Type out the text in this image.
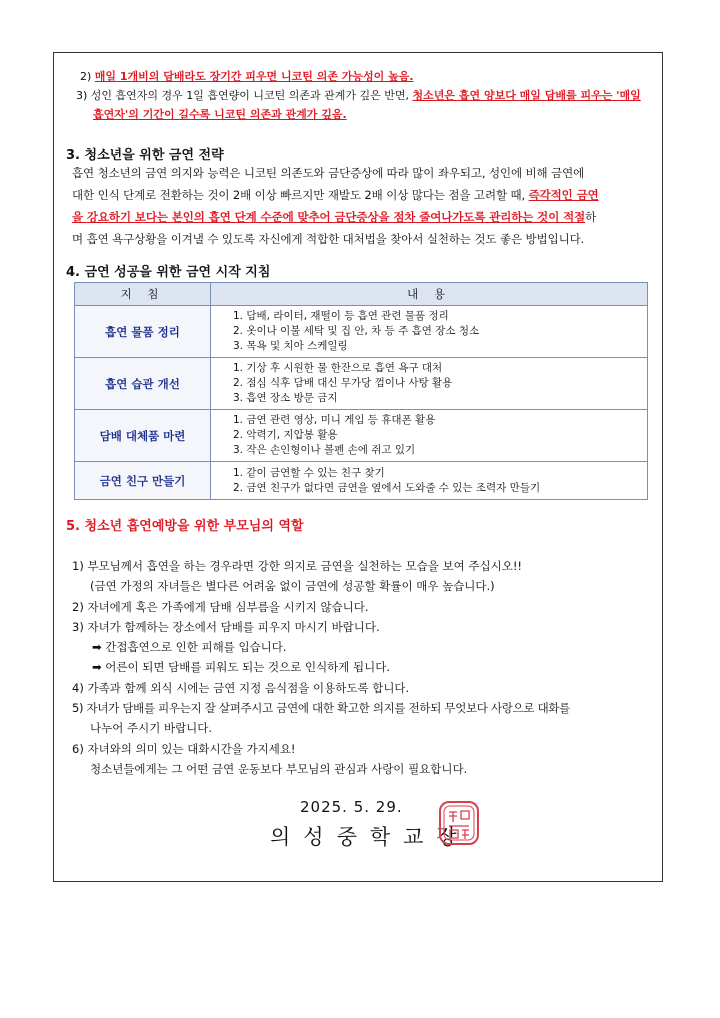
2) 매일 1개비의 담배라도 장기간 피우면 니코틴 의존 가능성이 높음.
3) 성인 흡연자의 경우 1일 흡연량이 니코틴 의존과 관계가 깊은 반면, 청소년은 흡연 양보다 매일 담배를 피우는 '매일
흡연자'의 기간이 길수록 니코틴 의존과 관계가 깊음.
3. 청소년을 위한 금연 전략
흡연 청소년의 금연 의지와 능력은 니코틴 의존도와 금단증상에 따라 많이 좌우되고, 성인에 비해 금연에
대한 인식 단계로 전환하는 것이 2배 이상 빠르지만 재발도 2배 이상 많다는 점을 고려할 때, 즉각적인 금연
을 강요하기 보다는 본인의 흡연 단계 수준에 맞추어 금단증상을 점차 줄여나가도록 관리하는 것이 적절하
며 흡연 욕구상황을 이겨낼 수 있도록 자신에게 적합한 대처법을 찾아서 실천하는 것도 좋은 방법입니다.
4. 금연 성공을 위한 금연 시작 지침
지 침	내 용
흡연 물품 정리	1. 담배, 라이터, 재떨이 등 흡연 관련 물품 정리
2. 옷이나 이불 세탁 및 집 안, 차 등 주 흡연 장소 청소
3. 목욕 및 치아 스케일링

흡연 습관 개선	1. 기상 후 시원한 물 한잔으로 흡연 욕구 대처
2. 점심 식후 담배 대신 무가당 껌이나 사탕 활용
3. 흡연 장소 방문 금지

담배 대체품 마련	1. 금연 관련 영상, 미니 게임 등 휴대폰 활용
2. 악력기, 지압봉 활용
3. 작은 손인형이나 볼펜 손에 쥐고 있기

금연 친구 만들기	1. 같이 금연할 수 있는 친구 찾기
2. 금연 친구가 없다면 금연을 옆에서 도와줄 수 있는 조력자 만들기
5. 청소년 흡연예방을 위한 부모님의 역할
1) 부모님께서 흡연을 하는 경우라면 강한 의지로 금연을 실천하는 모습을 보여 주십시오!!
(금연 가정의 자녀들은 별다른 어려움 없이 금연에 성공할 확률이 매우 높습니다.)
2) 자녀에게 혹은 가족에게 담배 심부름을 시키지 않습니다.
3) 자녀가 함께하는 장소에서 담배를 피우지 마시기 바랍니다.
➡ 간접흡연으로 인한 피해를 입습니다.
➡ 어른이 되면 담배를 피워도 되는 것으로 인식하게 됩니다.
4) 가족과 함께 외식 시에는 금연 지정 음식점을 이용하도록 합니다.
5) 자녀가 담배를 피우는지 잘 살펴주시고 금연에 대한 확고한 의지를 전하되 무엇보다 사랑으로 대화를
나누어 주시기 바랍니다.
6) 자녀와의 의미 있는 대화시간을 가지세요!
청소년들에게는 그 어떤 금연 운동보다 부모님의 관심과 사랑이 필요합니다.
2025. 5. 29.
의성중학교장
